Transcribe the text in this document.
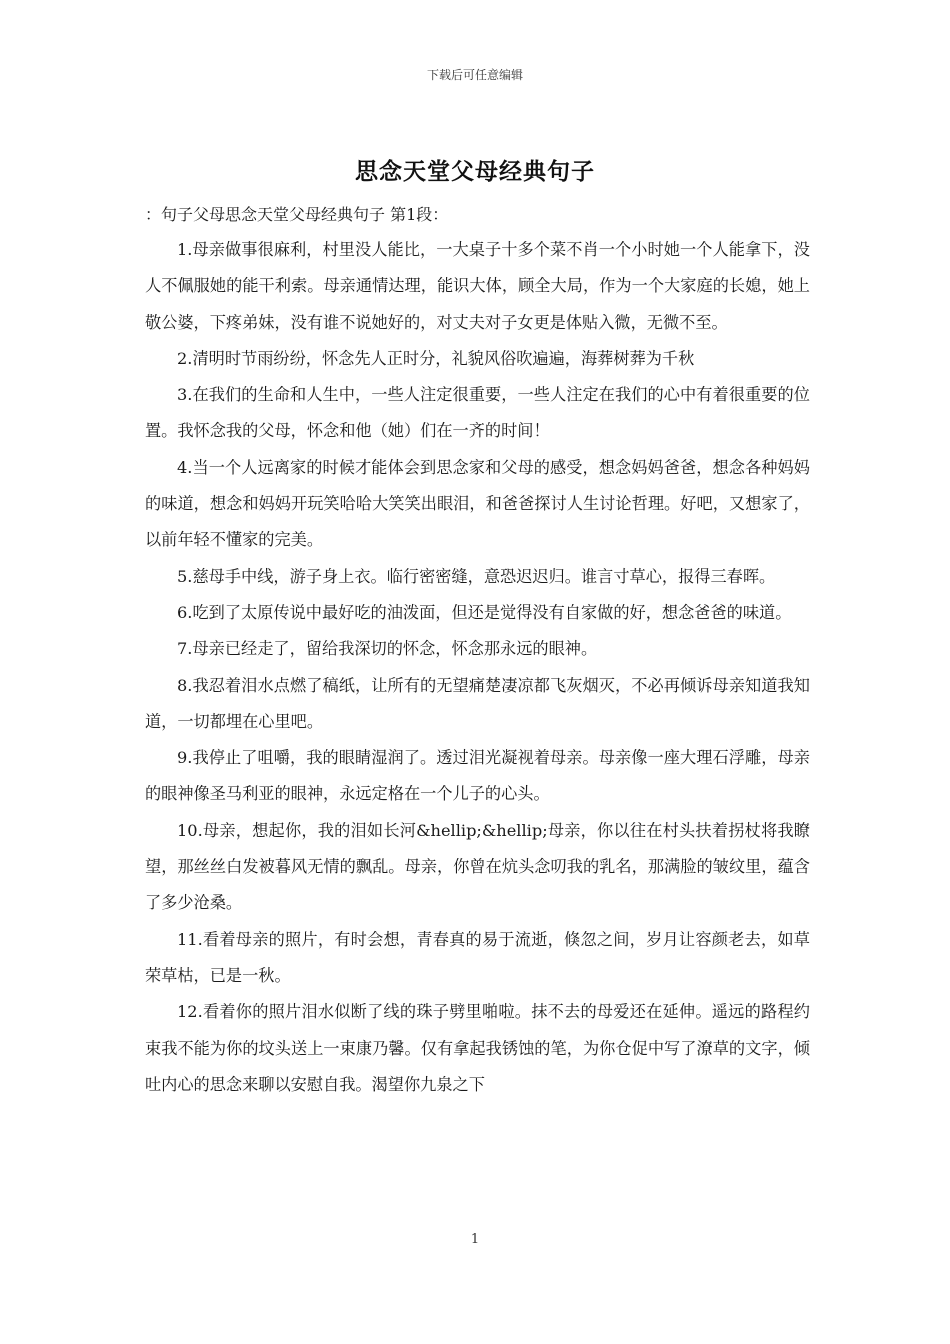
下载后可任意编辑
思念天堂父母经典句子

：句子父母思念天堂父母经典句子 第1段：

1.母亲做事很麻利，村里没人能比，一大桌子十多个菜不肖一个小时她一个人能拿下，没人不佩服她的能干利索。母亲通情达理，能识大体，顾全大局，作为一个大家庭的长媳，她上敬公婆，下疼弟妹，没有谁不说她好的，对丈夫对子女更是体贴入微，无微不至。

2.清明时节雨纷纷，怀念先人正时分，礼貌风俗吹遍遍，海葬树葬为千秋

3.在我们的生命和人生中，一些人注定很重要，一些人注定在我们的心中有着很重要的位置。我怀念我的父母，怀念和他（她）们在一齐的时间！

4.当一个人远离家的时候才能体会到思念家和父母的感受，想念妈妈爸爸，想念各种妈妈的味道，想念和妈妈开玩笑哈哈大笑笑出眼泪，和爸爸探讨人生讨论哲理。好吧，又想家了，以前年轻不懂家的完美。

5.慈母手中线，游子身上衣。临行密密缝，意恐迟迟归。谁言寸草心，报得三春晖。

6.吃到了太原传说中最好吃的油泼面，但还是觉得没有自家做的好，想念爸爸的味道。

7.母亲已经走了，留给我深切的怀念，怀念那永远的眼神。

8.我忍着泪水点燃了稿纸，让所有的无望痛楚凄凉都飞灰烟灭，不必再倾诉母亲知道我知道，一切都埋在心里吧。

9.我停止了咀嚼，我的眼睛湿润了。透过泪光凝视着母亲。母亲像一座大理石浮雕，母亲的眼神像圣马利亚的眼神，永远定格在一个儿子的心头。

10.母亲，想起你，我的泪如长河&hellip;&hellip;母亲，你以往在村头扶着拐杖将我瞭望，那丝丝白发被暮风无情的飘乱。母亲，你曾在炕头念叨我的乳名，那满脸的皱纹里，蕴含了多少沧桑。

11.看着母亲的照片，有时会想，青春真的易于流逝，倏忽之间，岁月让容颜老去，如草荣草枯，已是一秋。

12.看着你的照片泪水似断了线的珠子劈里啪啦。抹不去的母爱还在延伸。遥远的路程约束我不能为你的坟头送上一束康乃馨。仅有拿起我锈蚀的笔，为你仓促中写了潦草的文字，倾吐内心的思念来聊以安慰自我。渴望你九泉之下

1
